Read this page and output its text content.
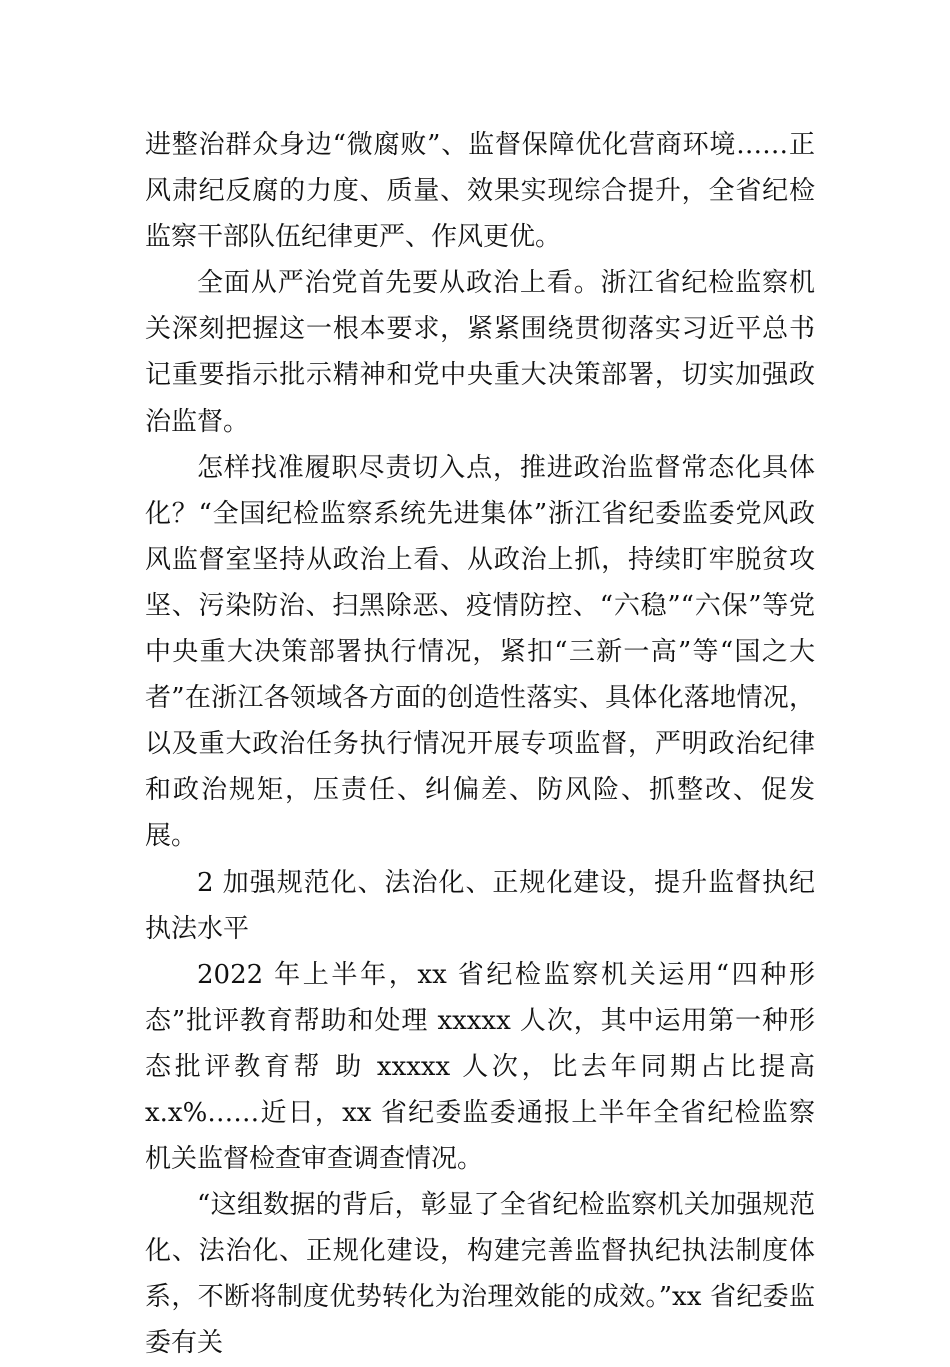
进整治群众身边“微腐败”、监督保障优化营商环境……正风肃纪反腐的力度、质量、效果实现综合提升，全省纪检监察干部队伍纪律更严、作风更优。

全面从严治党首先要从政治上看。浙江省纪检监察机关深刻把握这一根本要求，紧紧围绕贯彻落实习近平总书记重要指示批示精神和党中央重大决策部署，切实加强政治监督。

怎样找准履职尽责切入点，推进政治监督常态化具体化？“全国纪检监察系统先进集体”浙江省纪委监委党风政风监督室坚持从政治上看、从政治上抓，持续盯牢脱贫攻坚、污染防治、扫黑除恶、疫情防控、“六稳”“六保”等党中央重大决策部署执行情况，紧扣“三新一高”等“国之大者”在浙江各领域各方面的创造性落实、具体化落地情况，以及重大政治任务执行情况开展专项监督，严明政治纪律和政治规矩，压责任、纠偏差、防风险、抓整改、促发展。

2 加强规范化、法治化、正规化建设，提升监督执纪执法水平

2022 年上半年，xx 省纪检监察机关运用“四种形态”批评教育帮助和处理 xxxxx 人次，其中运用第一种形态批评教育帮 助 xxxxx 人次，比去年同期占比提高 x.x%……近日，xx 省纪委监委通报上半年全省纪检监察机关监督检查审查调查情况。

“这组数据的背后，彰显了全省纪检监察机关加强规范化、法治化、正规化建设，构建完善监督执纪执法制度体系，不断将制度优势转化为治理效能的成效。”xx 省纪委监委有关
